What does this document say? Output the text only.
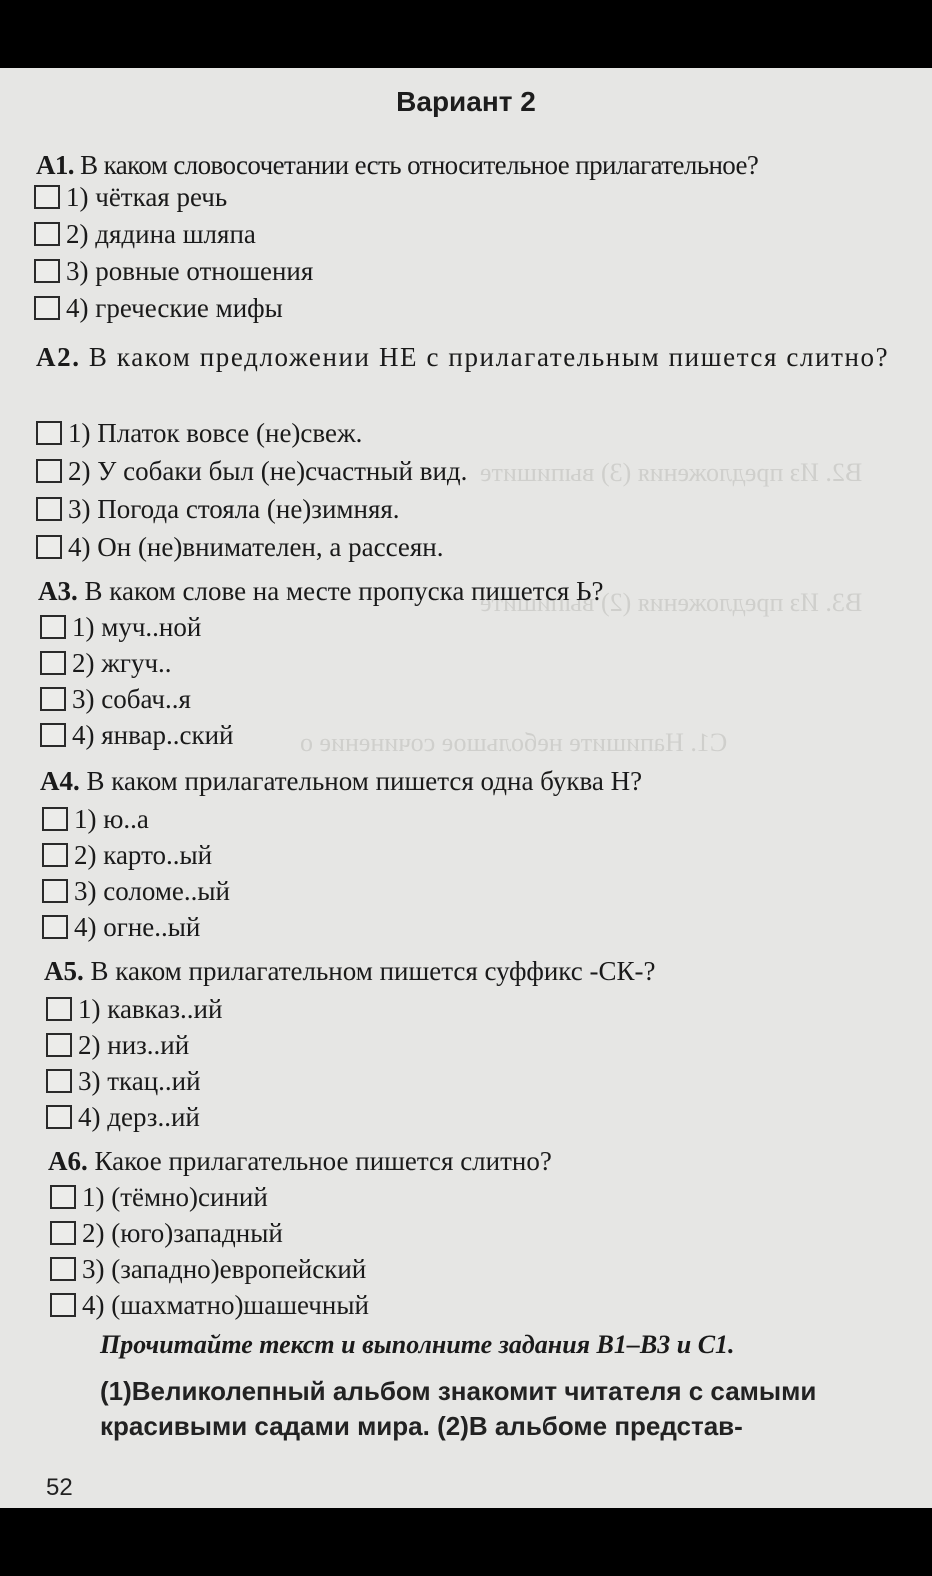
В2. Из предложения (3) выпишите
В3. Из предложения (2) выпишите
С1. Напишите небольшое сочинение о
Вариант 2
А1. В каком словосочетании есть относительное прилагательное?
1) чёткая речь
2) дядина шляпа
3) ровные отношения
4) греческие мифы
А2. В каком предложении НЕ с прилагательным пишется слитно?
1) Платок вовсе (не)свеж.
2) У собаки был (не)счастный вид.
3) Погода стояла (не)зимняя.
4) Он (не)внимателен, а рассеян.
А3. В каком слове на месте пропуска пишется Ь?
1) муч..ной
2) жгуч..
3) собач..я
4) январ..ский
А4. В каком прилагательном пишется одна буква Н?
1) ю..а
2) карто..ый
3) соломе..ый
4) огне..ый
А5. В каком прилагательном пишется суффикс -СК-?
1) кавказ..ий
2) низ..ий
3) ткац..ий
4) дерз..ий
А6. Какое прилагательное пишется слитно?
1) (тёмно)синий
2) (юго)западный
3) (западно)европейский
4) (шахматно)шашечный
Прочитайте текст и выполните задания В1–В3 и С1.
(1)Великолепный альбом знакомит читателя с самыми красивыми садами мира. (2)В альбоме представ-
52
